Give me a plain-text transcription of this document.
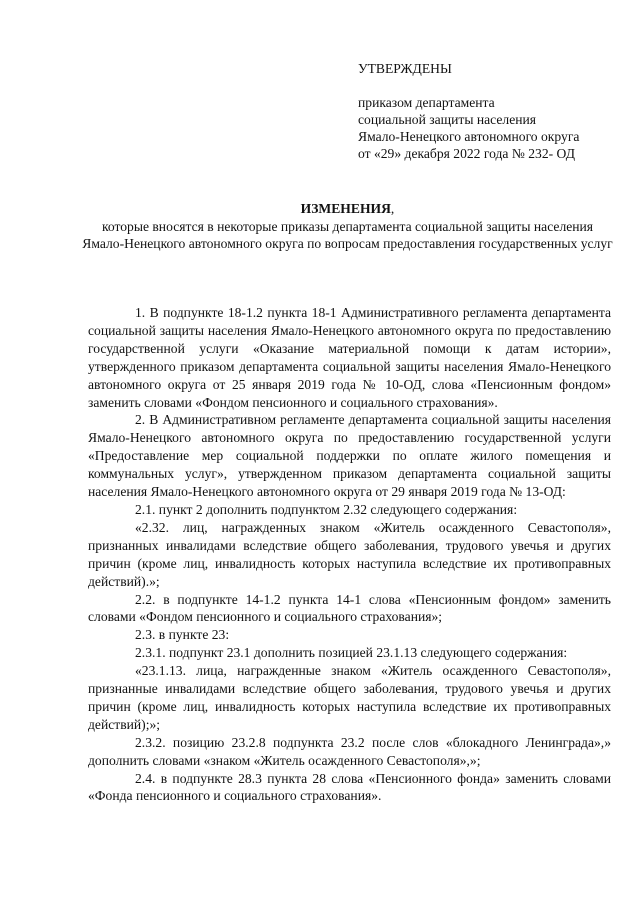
УТВЕРЖДЕНЫ
приказом департамента
социальной защиты населения
Ямало-Ненецкого автономного округа
от «29» декабря 2022 года № 232- ОД
ИЗМЕНЕНИЯ,
которые вносятся в некоторые приказы департамента социальной защиты населения Ямало-Ненецкого автономного округа по вопросам предоставления государственных услуг

1. В подпункте 18-1.2 пункта 18-1 Административного регламента департамента социальной защиты населения Ямало-Ненецкого автономного округа по предоставлению государственной услуги «Оказание материальной помощи к датам истории», утвержденного приказом департамента социальной защиты населения Ямало-Ненецкого автономного округа от 25 января 2019 года № 10-ОД, слова «Пенсионным фондом» заменить словами «Фондом пенсионного и социального страхования».

2. В Административном регламенте департамента социальной защиты населения Ямало-Ненецкого автономного округа по предоставлению государственной услуги «Предоставление мер социальной поддержки по оплате жилого помещения и коммунальных услуг», утвержденном приказом департамента социальной защиты населения Ямало-Ненецкого автономного округа от 29 января 2019 года № 13-ОД:

2.1. пункт 2 дополнить подпунктом 2.32 следующего содержания:

«2.32. лиц, награжденных знаком «Житель осажденного Севастополя», признанных инвалидами вследствие общего заболевания, трудового увечья и других причин (кроме лиц, инвалидность которых наступила вследствие их противоправных действий).»;

2.2. в подпункте 14-1.2 пункта 14-1 слова «Пенсионным фондом» заменить словами «Фондом пенсионного и социального страхования»;

2.3. в пункте 23:

2.3.1. подпункт 23.1 дополнить позицией 23.1.13 следующего содержания:

«23.1.13. лица, награжденные знаком «Житель осажденного Севастополя», признанные инвалидами вследствие общего заболевания, трудового увечья и других причин (кроме лиц, инвалидность которых наступила вследствие их противоправных действий);»;

2.3.2. позицию 23.2.8 подпункта 23.2 после слов «блокадного Ленинграда»,» дополнить словами «знаком «Житель осажденного Севастополя»,»;

2.4. в подпункте 28.3 пункта 28 слова «Пенсионного фонда» заменить словами «Фонда пенсионного и социального страхования».
